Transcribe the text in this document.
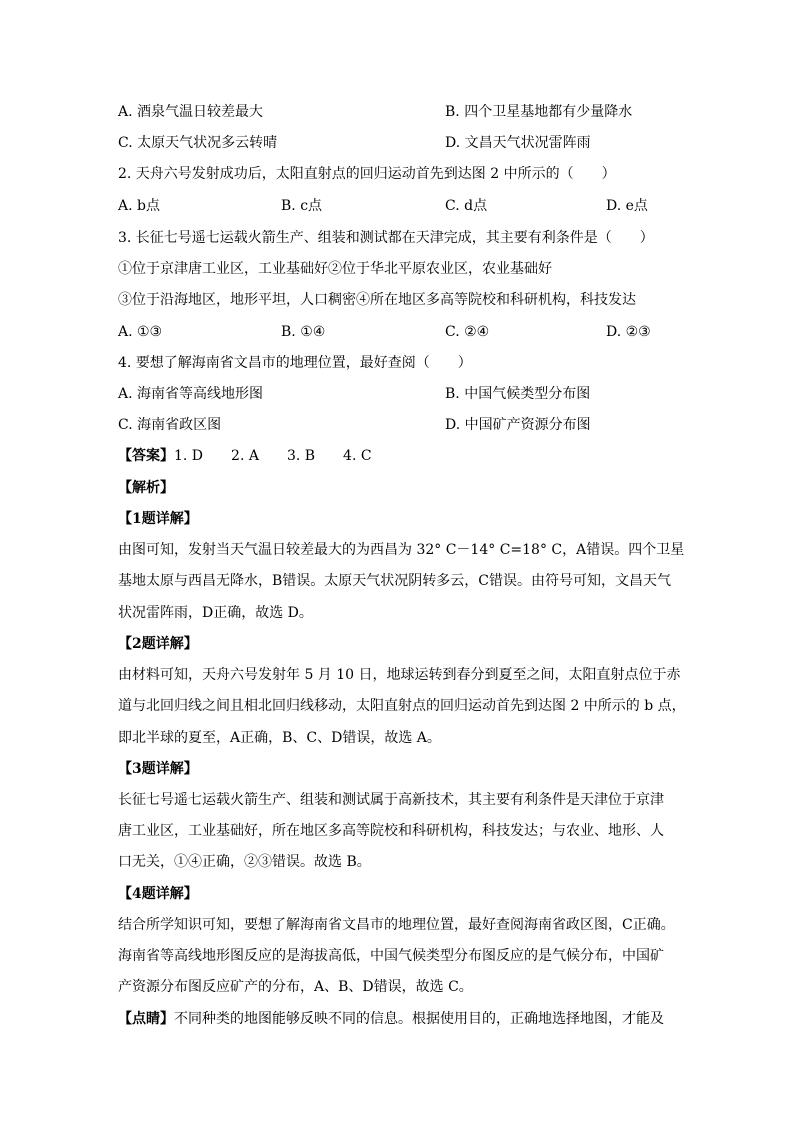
A. 酒泉气温日较差最大	B. 四个卫星基地都有少量降水
C. 太原天气状况多云转晴	D. 文昌天气状况雷阵雨
2. 天舟六号发射成功后，太阳直射点的回归运动首先到达图 2 中所示的（　　）
A. b点	B. c点	C. d点	D. e点
3. 长征七号遥七运载火箭生产、组装和测试都在天津完成，其主要有利条件是（　　）
①位于京津唐工业区，工业基础好②位于华北平原农业区，农业基础好
③位于沿海地区，地形平坦，人口稠密④所在地区多高等院校和科研机构，科技发达
A. ①③	B. ①④	C. ②④	D. ②③
4. 要想了解海南省文昌市的地理位置，最好查阅（　　）
A. 海南省等高线地形图	B. 中国气候类型分布图
C. 海南省政区图	D. 中国矿产资源分布图
【答案】1. D　　2. A　　3. B　　4. C
【解析】
【1题详解】
由图可知，发射当天气温日较差最大的为西昌为 32° C－14° C=18° C，A错误。四个卫星
基地太原与西昌无降水，B错误。太原天气状况阴转多云，C错误。由符号可知，文昌天气
状况雷阵雨，D正确，故选 D。
【2题详解】
由材料可知，天舟六号发射年 5 月 10 日，地球运转到春分到夏至之间，太阳直射点位于赤
道与北回归线之间且相北回归线移动，太阳直射点的回归运动首先到达图 2 中所示的 b 点，
即北半球的夏至，A正确，B、C、D错误，故选 A。
【3题详解】
长征七号遥七运载火箭生产、组装和测试属于高新技术，其主要有利条件是天津位于京津
唐工业区，工业基础好，所在地区多高等院校和科研机构，科技发达；与农业、地形、人
口无关，①④正确，②③错误。故选 B。
【4题详解】
结合所学知识可知，要想了解海南省文昌市的地理位置，最好查阅海南省政区图，C正确。
海南省等高线地形图反应的是海拔高低，中国气候类型分布图反应的是气候分布，中国矿
产资源分布图反应矿产的分布，A、B、D错误，故选 C。
【点睛】不同种类的地图能够反映不同的信息。根据使用目的，正确地选择地图，才能及
